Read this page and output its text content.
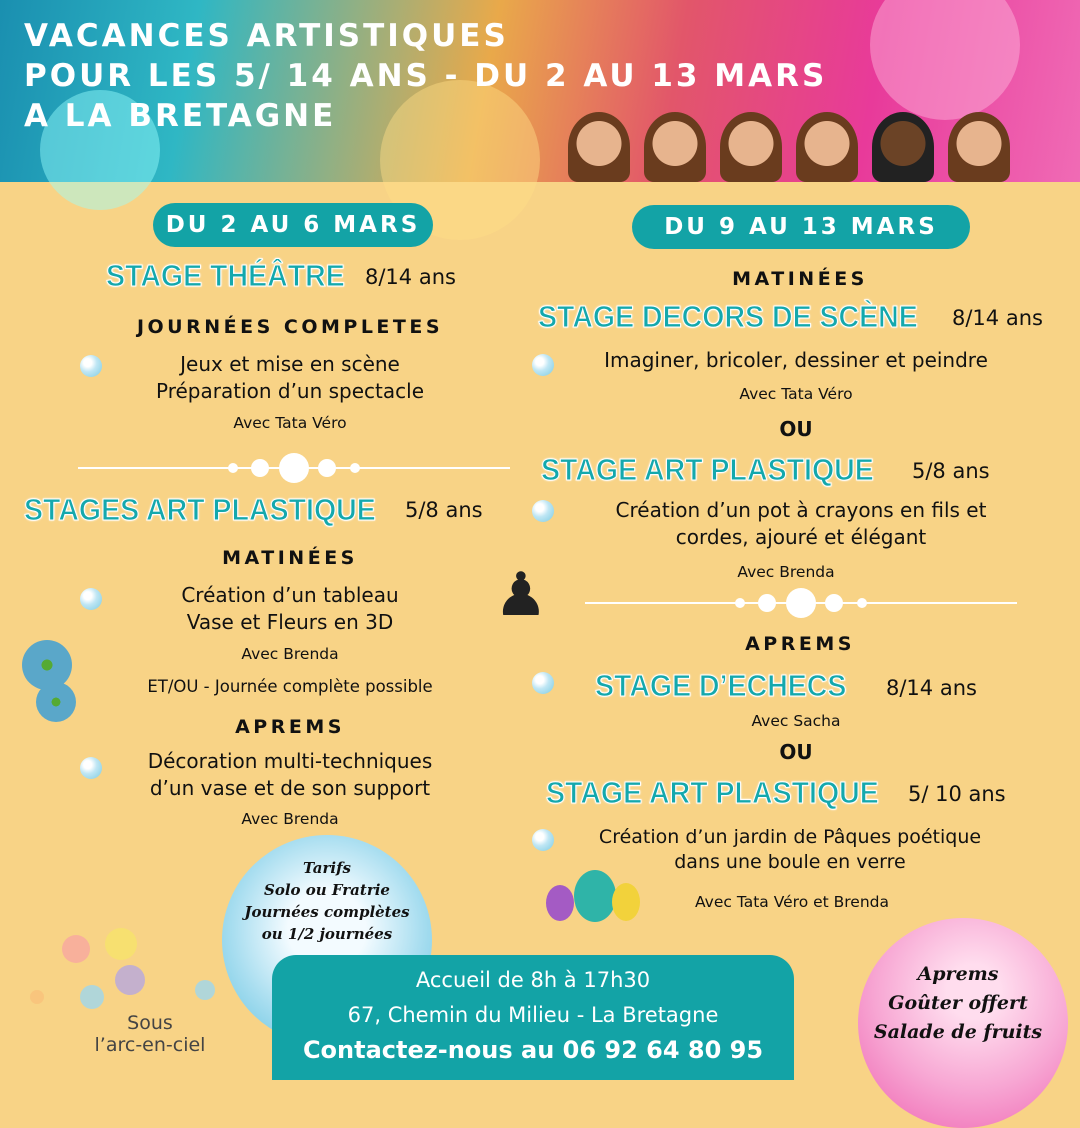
VACANCES ARTISTIQUES
POUR LES 5/ 14 ANS - DU 2 AU 13 MARS
A LA BRETAGNE
DU 2 AU 6 MARS
STAGE THÉÂTRE 8/14 ans
JOURNÉES COMPLETES
Jeux et mise en scène
Préparation d’un spectacle
Avec Tata Véro
STAGES ART PLASTIQUE 5/8 ans
MATINÉES
Création d’un tableau
Vase et Fleurs en 3D
Avec Brenda
ET/OU - Journée complète possible
APREMS
Décoration multi-techniques
d’un vase et de son support
Avec Brenda
DU 9 AU 13 MARS
MATINÉES
STAGE DECORS DE SCÈNE 8/14 ans
Imaginer, bricoler, dessiner et peindre
Avec Tata Véro
OU
STAGE ART PLASTIQUE 5/8 ans
Création d’un pot à crayons en fils et
cordes, ajouré et élégant
Avec Brenda
♟
APREMS
STAGE D’ECHECS 8/14 ans
Avec Sacha
OU
STAGE ART PLASTIQUE 5/ 10 ans
Création d’un jardin de Pâques poétique
dans une boule en verre
Avec Tata Véro et Brenda
Tarifs
Solo ou Fratrie
Journées complètes
ou 1/2 journées
Aprems
Goûter offert
Salade de fruits
Accueil de 8h à 17h30
67, Chemin du Milieu - La Bretagne
Contactez-nous au 06 92 64 80 95
Sous
l’arc-en-ciel
